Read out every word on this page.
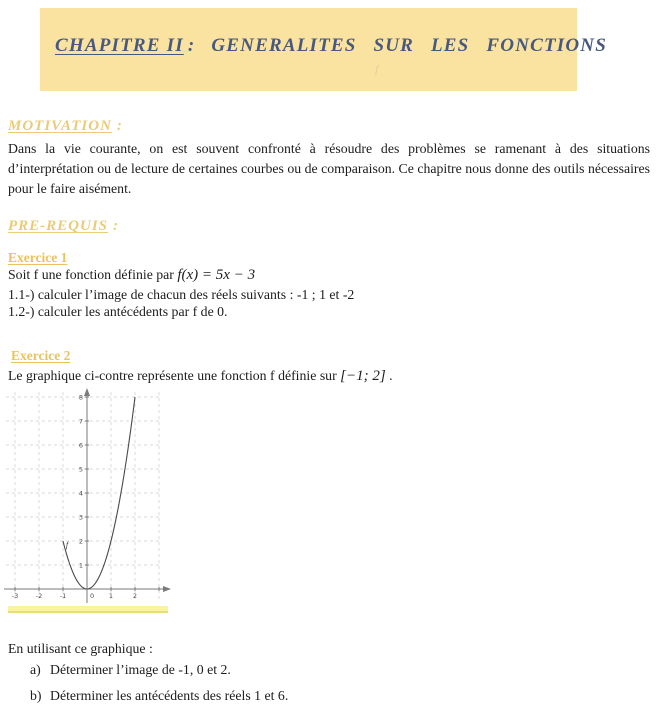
CHAPITRE II : GENERALITES SUR LES FONCTIONS
f
MOTIVATION :
Dans la vie courante, on est souvent confronté à résoudre des problèmes se ramenant à des situations d’interprétation ou de lecture de certaines courbes ou de comparaison. Ce chapitre nous donne des outils nécessaires pour le faire aisément.
PRE-REQUIS :
Exercice 1
Soit f une fonction définie par f(x) = 5x − 3
1.1-) calculer l’image de chacun des réels suivants : -1 ; 1 et -2
1.2-) calculer les antécédents par f de 0.
Exercice 2
Le graphique ci-contre représente une fonction f définie sur [−1; 2] .
-3	-2	-1	1	2
0
1
2
3
4
5
6
7
8
f
En utilisant ce graphique :
a) Déterminer l’image de -1, 0 et 2.
b) Déterminer les antécédents des réels 1 et 6.
